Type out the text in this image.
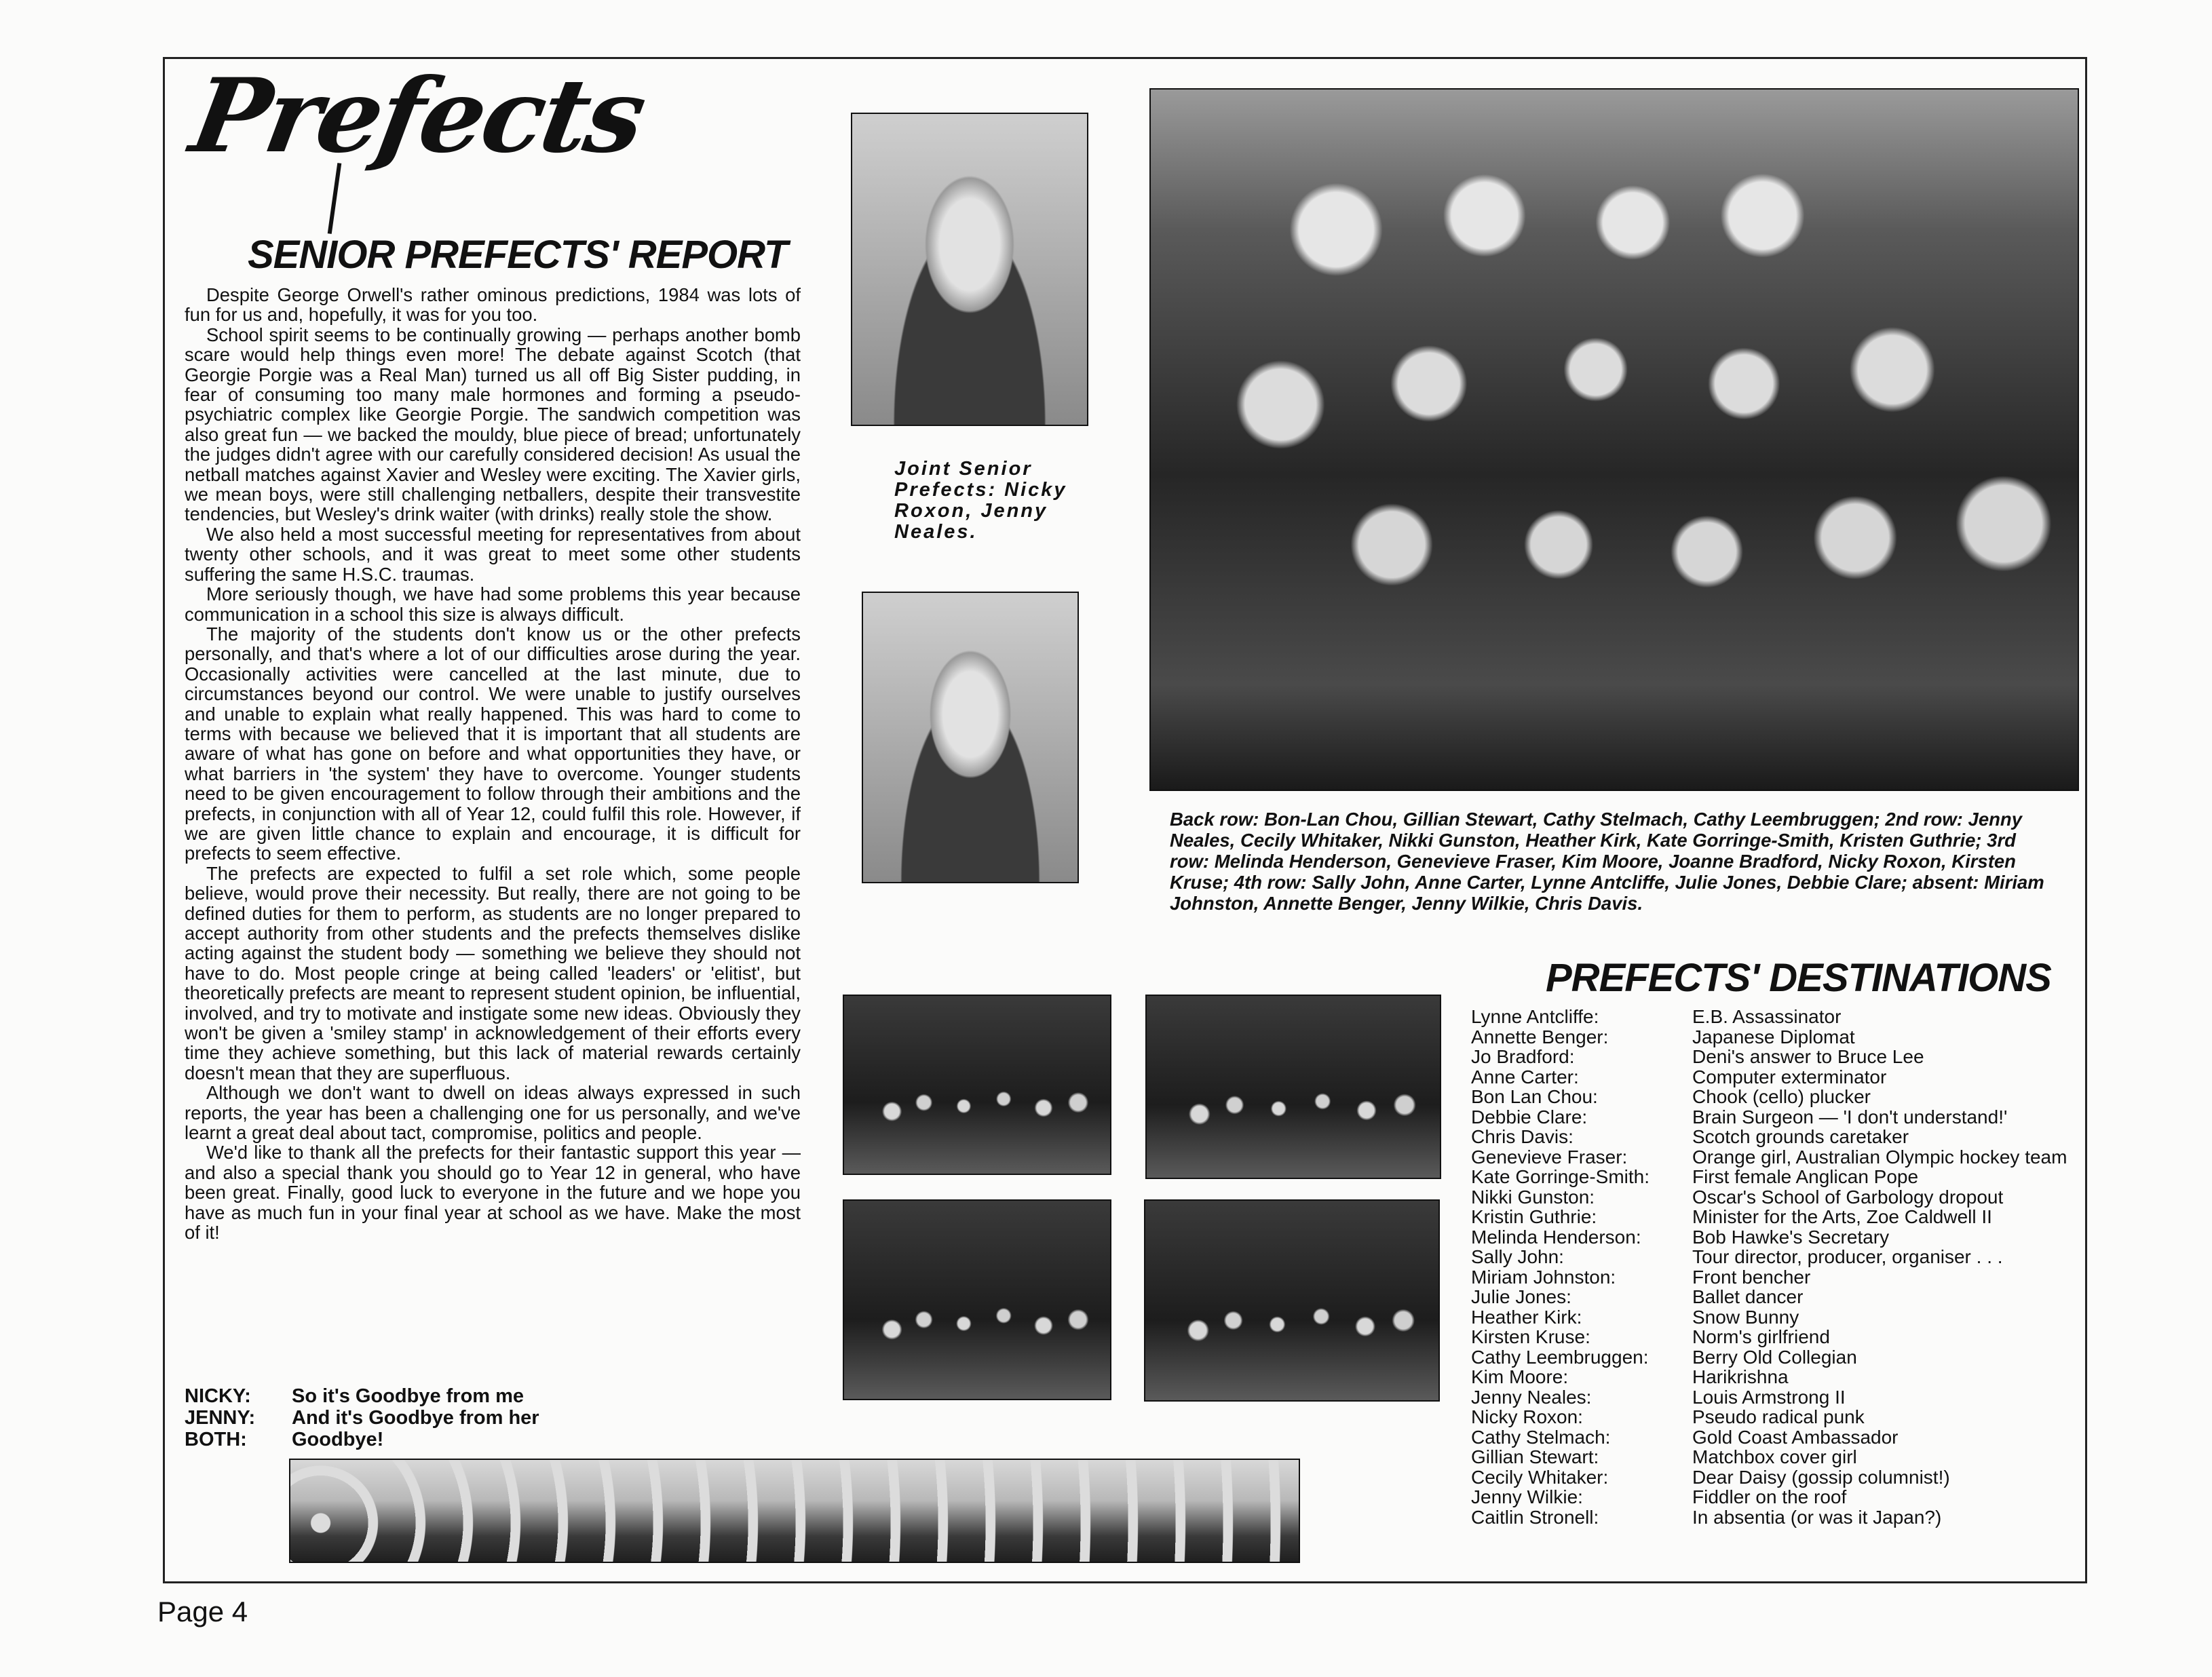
Prefects
SENIOR PREFECTS' REPORT

Despite George Orwell's rather ominous predictions, 1984 was lots of fun for us and, hopefully, it was for you too.

School spirit seems to be continually growing — perhaps another bomb scare would help things even more! The debate against Scotch (that Georgie Porgie was a Real Man) turned us all off Big Sister pudding, in fear of consuming too many male hormones and forming a pseudo-psychiatric complex like Georgie Porgie. The sandwich competition was also great fun — we backed the mouldy, blue piece of bread; unfortunately the judges didn't agree with our carefully considered decision! As usual the netball matches against Xavier and Wesley were exciting. The Xavier girls, we mean boys, were still challenging netballers, despite their transvestite tendencies, but Wesley's drink waiter (with drinks) really stole the show.

We also held a most successful meeting for representatives from about twenty other schools, and it was great to meet some other students suffering the same H.S.C. traumas.

More seriously though, we have had some problems this year because communication in a school this size is always difficult.

The majority of the students don't know us or the other prefects personally, and that's where a lot of our difficulties arose during the year. Occasionally activities were cancelled at the last minute, due to circumstances beyond our control. We were unable to justify ourselves and unable to explain what really happened. This was hard to come to terms with because we believed that it is important that all students are aware of what has gone on before and what opportunities they have, or what barriers in 'the system' they have to overcome. Younger students need to be given encouragement to follow through their ambitions and the prefects, in conjunction with all of Year 12, could fulfil this role. However, if we are given little chance to explain and encourage, it is difficult for prefects to seem effective.

The prefects are expected to fulfil a set role which, some people believe, would prove their necessity. But really, there are not going to be defined duties for them to perform, as students are no longer prepared to accept authority from other students and the prefects themselves dislike acting against the student body — something we believe they should not have to do. Most people cringe at being called 'leaders' or 'elitist', but theoretically prefects are meant to represent student opinion, be influential, involved, and try to motivate and instigate some new ideas. Obviously they won't be given a 'smiley stamp' in acknowledgement of their efforts every time they achieve something, but this lack of material rewards certainly doesn't mean that they are superfluous.

Although we don't want to dwell on ideas always expressed in such reports, the year has been a challenging one for us personally, and we've learnt a great deal about tact, compromise, politics and people.

We'd like to thank all the prefects for their fantastic support this year — and also a special thank you should go to Year 12 in general, who have been great. Finally, good luck to everyone in the future and we hope you have as much fun in your final year at school as we have. Make the most of it!

NICKY:	So it's Goodbye from me
JENNY:	And it's Goodbye from her
BOTH:	Goodbye!
Joint Senior Prefects: Nicky Roxon, Jenny Neales.
Back row: Bon-Lan Chou, Gillian Stewart, Cathy Stelmach, Cathy Leembruggen; 2nd row: Jenny Neales, Cecily Whitaker, Nikki Gunston, Heather Kirk, Kate Gorringe-Smith, Kristen Guthrie; 3rd row: Melinda Henderson, Genevieve Fraser, Kim Moore, Joanne Bradford, Nicky Roxon, Kirsten Kruse; 4th row: Sally John, Anne Carter, Lynne Antcliffe, Julie Jones, Debbie Clare; absent: Miriam Johnston, Annette Benger, Jenny Wilkie, Chris Davis.
PREFECTS' DESTINATIONS
Lynne Antcliffe:	E.B. Assassinator
Annette Benger:	Japanese Diplomat
Jo Bradford:	Deni's answer to Bruce Lee
Anne Carter:	Computer exterminator
Bon Lan Chou:	Chook (cello) plucker
Debbie Clare:	Brain Surgeon — 'I don't understand!'
Chris Davis:	Scotch grounds caretaker
Genevieve Fraser:	Orange girl, Australian Olympic hockey team
Kate Gorringe-Smith:	First female Anglican Pope
Nikki Gunston:	Oscar's School of Garbology dropout
Kristin Guthrie:	Minister for the Arts, Zoe Caldwell II
Melinda Henderson:	Bob Hawke's Secretary
Sally John:	Tour director, producer, organiser . . .
Miriam Johnston:	Front bencher
Julie Jones:	Ballet dancer
Heather Kirk:	Snow Bunny
Kirsten Kruse:	Norm's girlfriend
Cathy Leembruggen:	Berry Old Collegian
Kim Moore:	Harikrishna
Jenny Neales:	Louis Armstrong II
Nicky Roxon:	Pseudo radical punk
Cathy Stelmach:	Gold Coast Ambassador
Gillian Stewart:	Matchbox cover girl
Cecily Whitaker:	Dear Daisy (gossip columnist!)
Jenny Wilkie:	Fiddler on the roof
Caitlin Stronell:	In absentia (or was it Japan?)
Page 4
